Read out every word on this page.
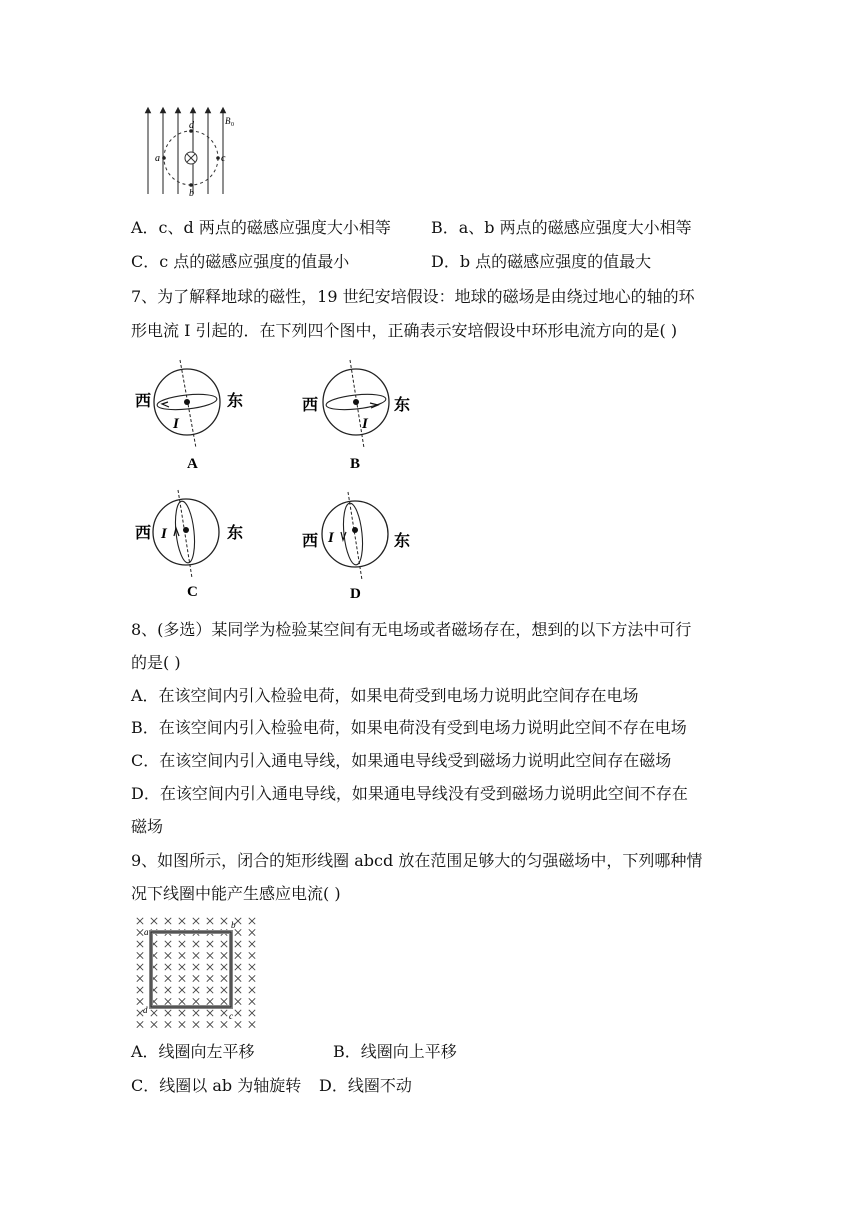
a	c
d
b
B 0
A．c、d 两点的磁感应强度大小相等	B．a、b 两点的磁感应强度大小相等
C．c 点的磁感应强度的值最小	D．b 点的磁感应强度的值最大
7、为了解释地球的磁性，19 世纪安培假设：地球的磁场是由绕过地心的轴的环
形电流 I 引起的．在下列四个图中，正确表示安培假设中环形电流方向的是( )
西	东
I
A
西	东
I
B
西	东
I
C
西	东
I
D
8、(多选）某同学为检验某空间有无电场或者磁场存在，想到的以下方法中可行
的是( )
A．在该空间内引入检验电荷，如果电荷受到电场力说明此空间存在电场
B．在该空间内引入检验电荷，如果电荷没有受到电场力说明此空间不存在电场
C．在该空间内引入通电导线，如果通电导线受到磁场力说明此空间存在磁场
D．在该空间内引入通电导线，如果通电导线没有受到磁场力说明此空间不存在
磁场
9、如图所示，闭合的矩形线圈 abcd 放在范围足够大的匀强磁场中，下列哪种情
况下线圈中能产生感应电流( )
a
b
c
d
A．线圈向左平移	B．线圈向上平移
C．线圈以 ab 为轴旋转 D．线圈不动
